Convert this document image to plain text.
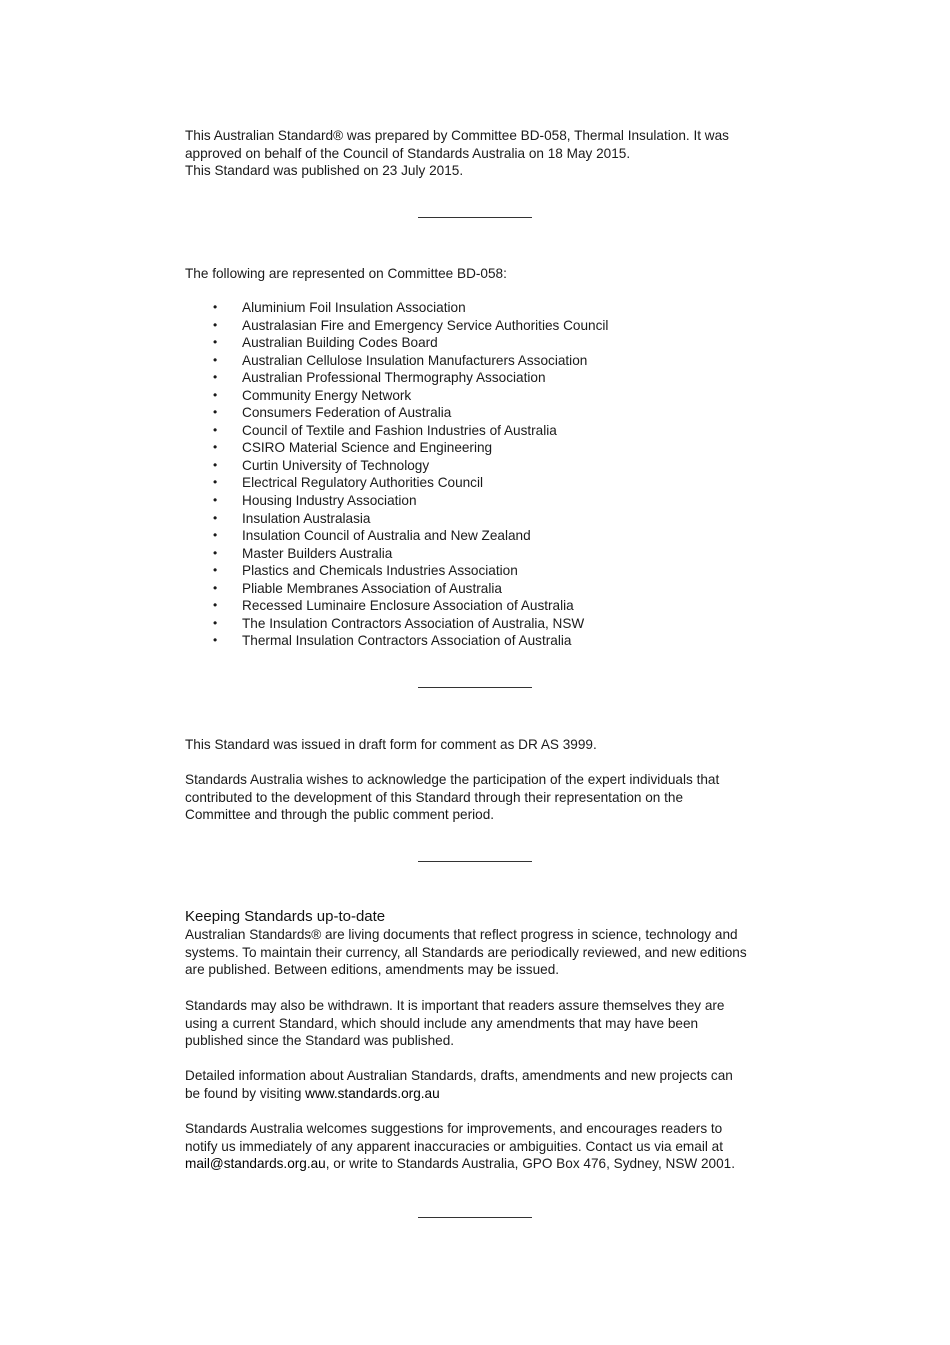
This Australian Standard® was prepared by Committee BD-058, Thermal Insulation. It was

approved on behalf of the Council of Standards Australia on 18 May 2015.

This Standard was published on 23 July 2015.

The following are represented on Committee BD-058:

• Aluminium Foil Insulation Association
• Australasian Fire and Emergency Service Authorities Council
• Australian Building Codes Board
• Australian Cellulose Insulation Manufacturers Association
• Australian Professional Thermography Association
• Community Energy Network
• Consumers Federation of Australia
• Council of Textile and Fashion Industries of Australia
• CSIRO Material Science and Engineering
• Curtin University of Technology
• Electrical Regulatory Authorities Council
• Housing Industry Association
• Insulation Australasia
• Insulation Council of Australia and New Zealand
• Master Builders Australia
• Plastics and Chemicals Industries Association
• Pliable Membranes Association of Australia
• Recessed Luminaire Enclosure Association of Australia
• The Insulation Contractors Association of Australia, NSW
• Thermal Insulation Contractors Association of Australia

This Standard was issued in draft form for comment as DR AS 3999.

Standards Australia wishes to acknowledge the participation of the expert individuals that

contributed to the development of this Standard through their representation on the

Committee and through the public comment period.

Keeping Standards up-to-date

Australian Standards® are living documents that reflect progress in science, technology and

systems. To maintain their currency, all Standards are periodically reviewed, and new editions

are published. Between editions, amendments may be issued.

Standards may also be withdrawn. It is important that readers assure themselves they are

using a current Standard, which should include any amendments that may have been

published since the Standard was published.

Detailed information about Australian Standards, drafts, amendments and new projects can

be found by visiting www.standards.org.au

Standards Australia welcomes suggestions for improvements, and encourages readers to

notify us immediately of any apparent inaccuracies or ambiguities. Contact us via email at

mail@standards.org.au, or write to Standards Australia, GPO Box 476, Sydney, NSW 2001.
